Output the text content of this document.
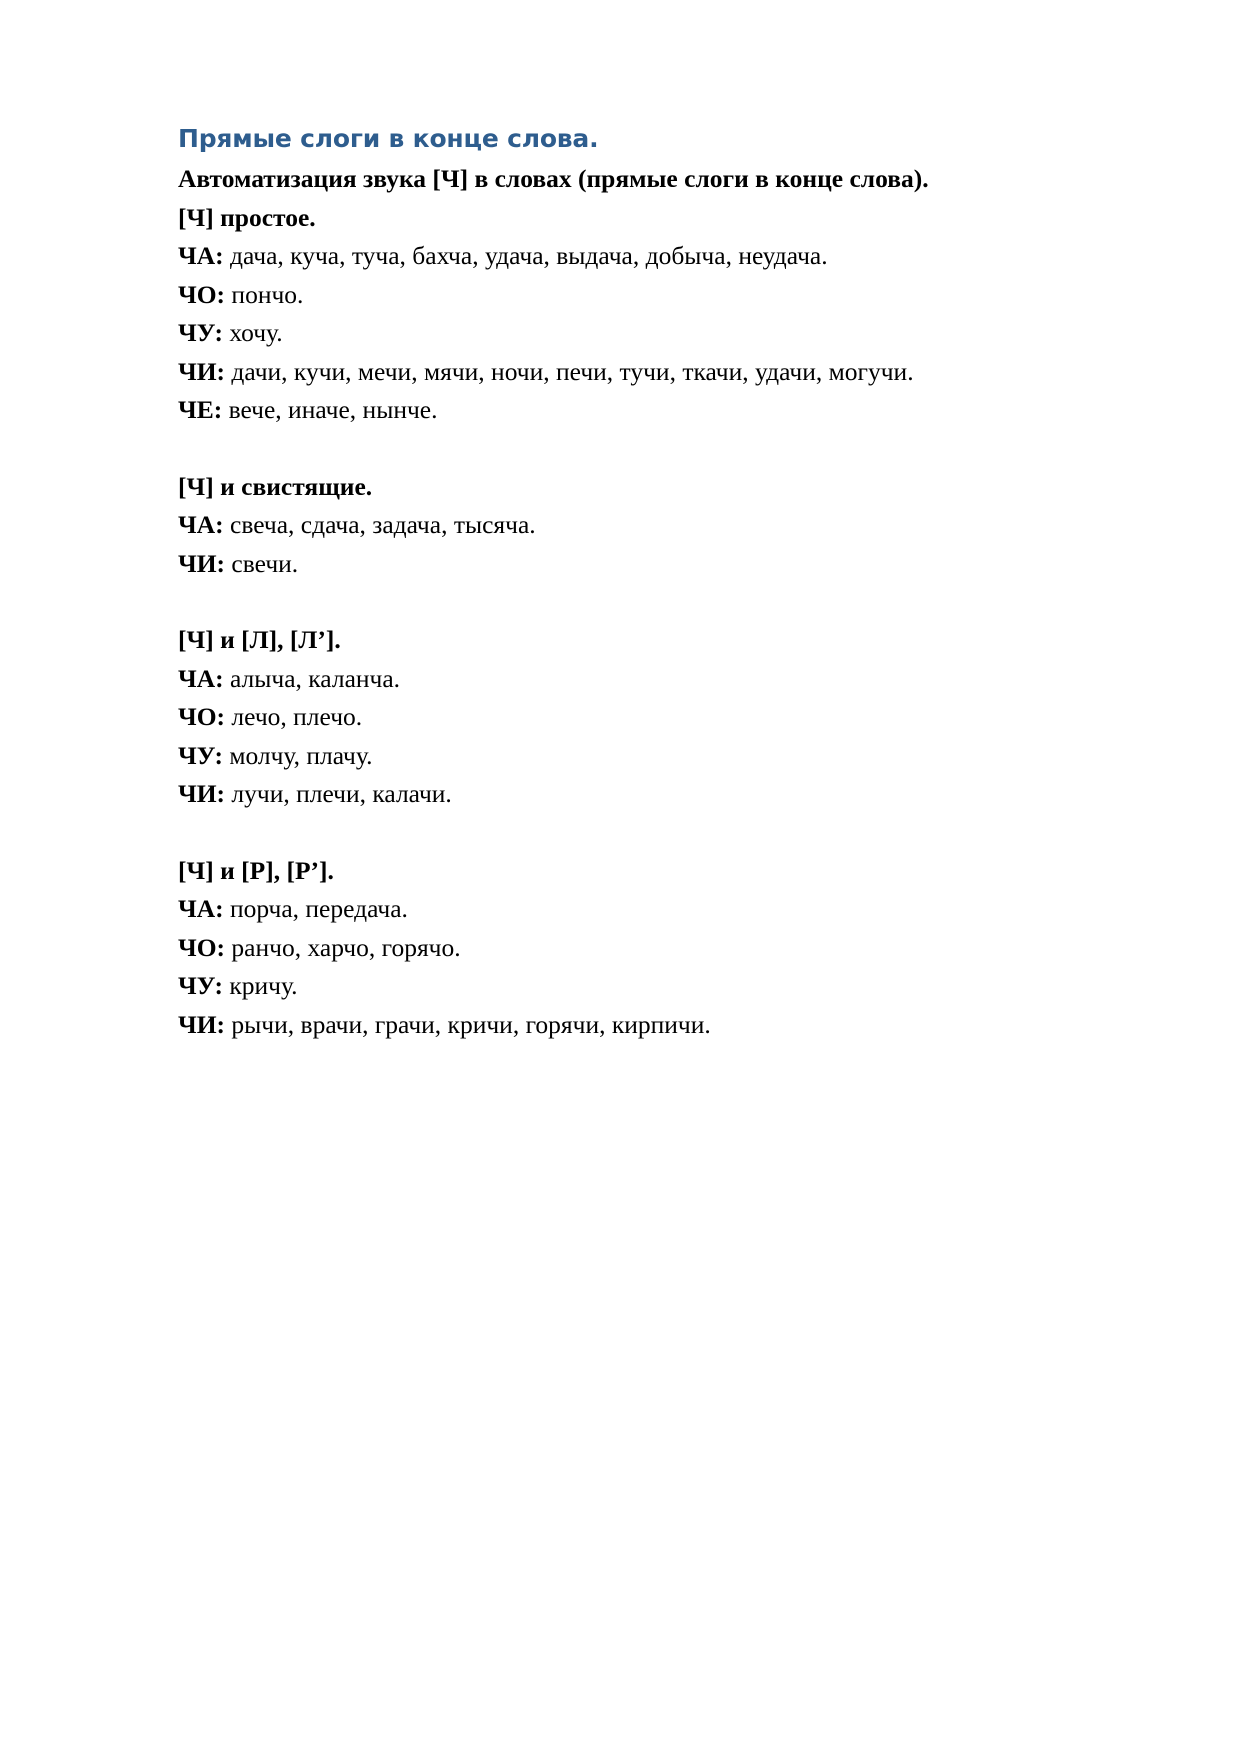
Прямые слоги в конце слова.
Автоматизация звука [Ч] в словах (прямые слоги в конце слова).
[Ч] простое.
ЧА: дача, куча, туча, бахча, удача, выдача, добыча, неудача.
ЧО: пончо.
ЧУ: хочу.
ЧИ: дачи, кучи, мечи, мячи, ночи, печи, тучи, ткачи, удачи, могучи.
ЧЕ: вече, иначе, нынче.
[Ч] и свистящие.
ЧА: свеча, сдача, задача, тысяча.
ЧИ: свечи.
[Ч] и [Л], [Л’].
ЧА: алыча, каланча.
ЧО: лечо, плечо.
ЧУ: молчу, плачу.
ЧИ: лучи, плечи, калачи.
[Ч] и [Р], [Р’].
ЧА: порча, передача.
ЧО: ранчо, харчо, горячо.
ЧУ: кричу.
ЧИ: рычи, врачи, грачи, кричи, горячи, кирпичи.
